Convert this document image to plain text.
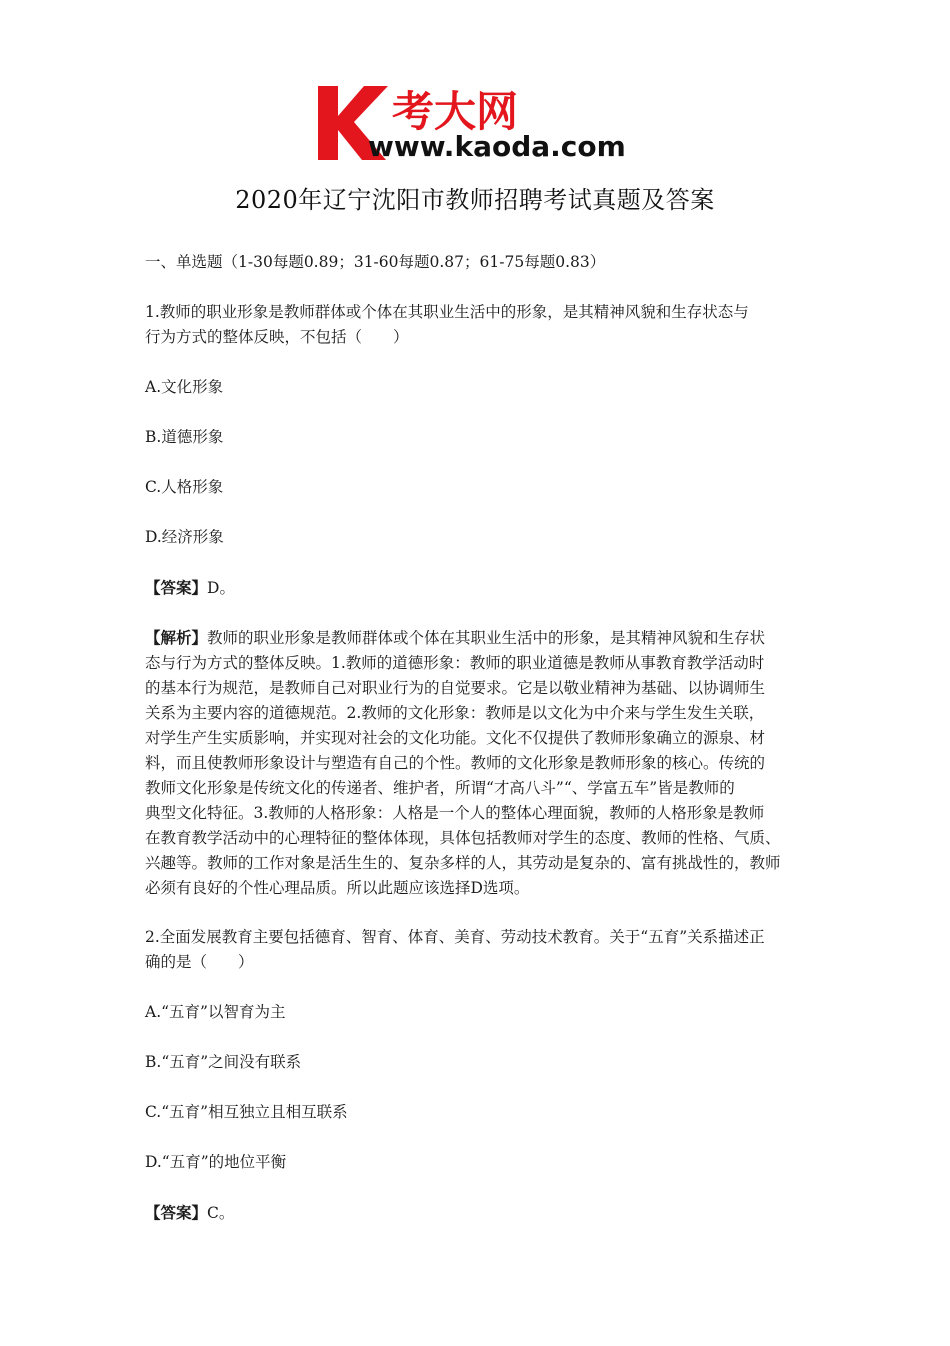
考大网
www.kaoda.com
2020年辽宁沈阳市教师招聘考试真题及答案
一、单选题（1-30每题0.89；31-60每题0.87；61-75每题0.83）
1.教师的职业形象是教师群体或个体在其职业生活中的形象，是其精神风貌和生存状态与
行为方式的整体反映，不包括（　　）
A.文化形象
B.道德形象
C.人格形象
D.经济形象
【答案】D。
【解析】教师的职业形象是教师群体或个体在其职业生活中的形象，是其精神风貌和生存状
态与行为方式的整体反映。1.教师的道德形象：教师的职业道德是教师从事教育教学活动时
的基本行为规范，是教师自己对职业行为的自觉要求。它是以敬业精神为基础、以协调师生
关系为主要内容的道德规范。2.教师的文化形象：教师是以文化为中介来与学生发生关联，
对学生产生实质影响，并实现对社会的文化功能。文化不仅提供了教师形象确立的源泉、材
料，而且使教师形象设计与塑造有自己的个性。教师的文化形象是教师形象的核心。传统的
教师文化形象是传统文化的传递者、维护者，所谓“才高八斗”“、学富五车”皆是教师的
典型文化特征。3.教师的人格形象：人格是一个人的整体心理面貌，教师的人格形象是教师
在教育教学活动中的心理特征的整体体现，具体包括教师对学生的态度、教师的性格、气质、
兴趣等。教师的工作对象是活生生的、复杂多样的人，其劳动是复杂的、富有挑战性的，教师
必须有良好的个性心理品质。所以此题应该选择D选项。
2.全面发展教育主要包括德育、智育、体育、美育、劳动技术教育。关于“五育”关系描述正
确的是（　　）
A.“五育”以智育为主
B.“五育”之间没有联系
C.“五育”相互独立且相互联系
D.“五育”的地位平衡
【答案】C。
